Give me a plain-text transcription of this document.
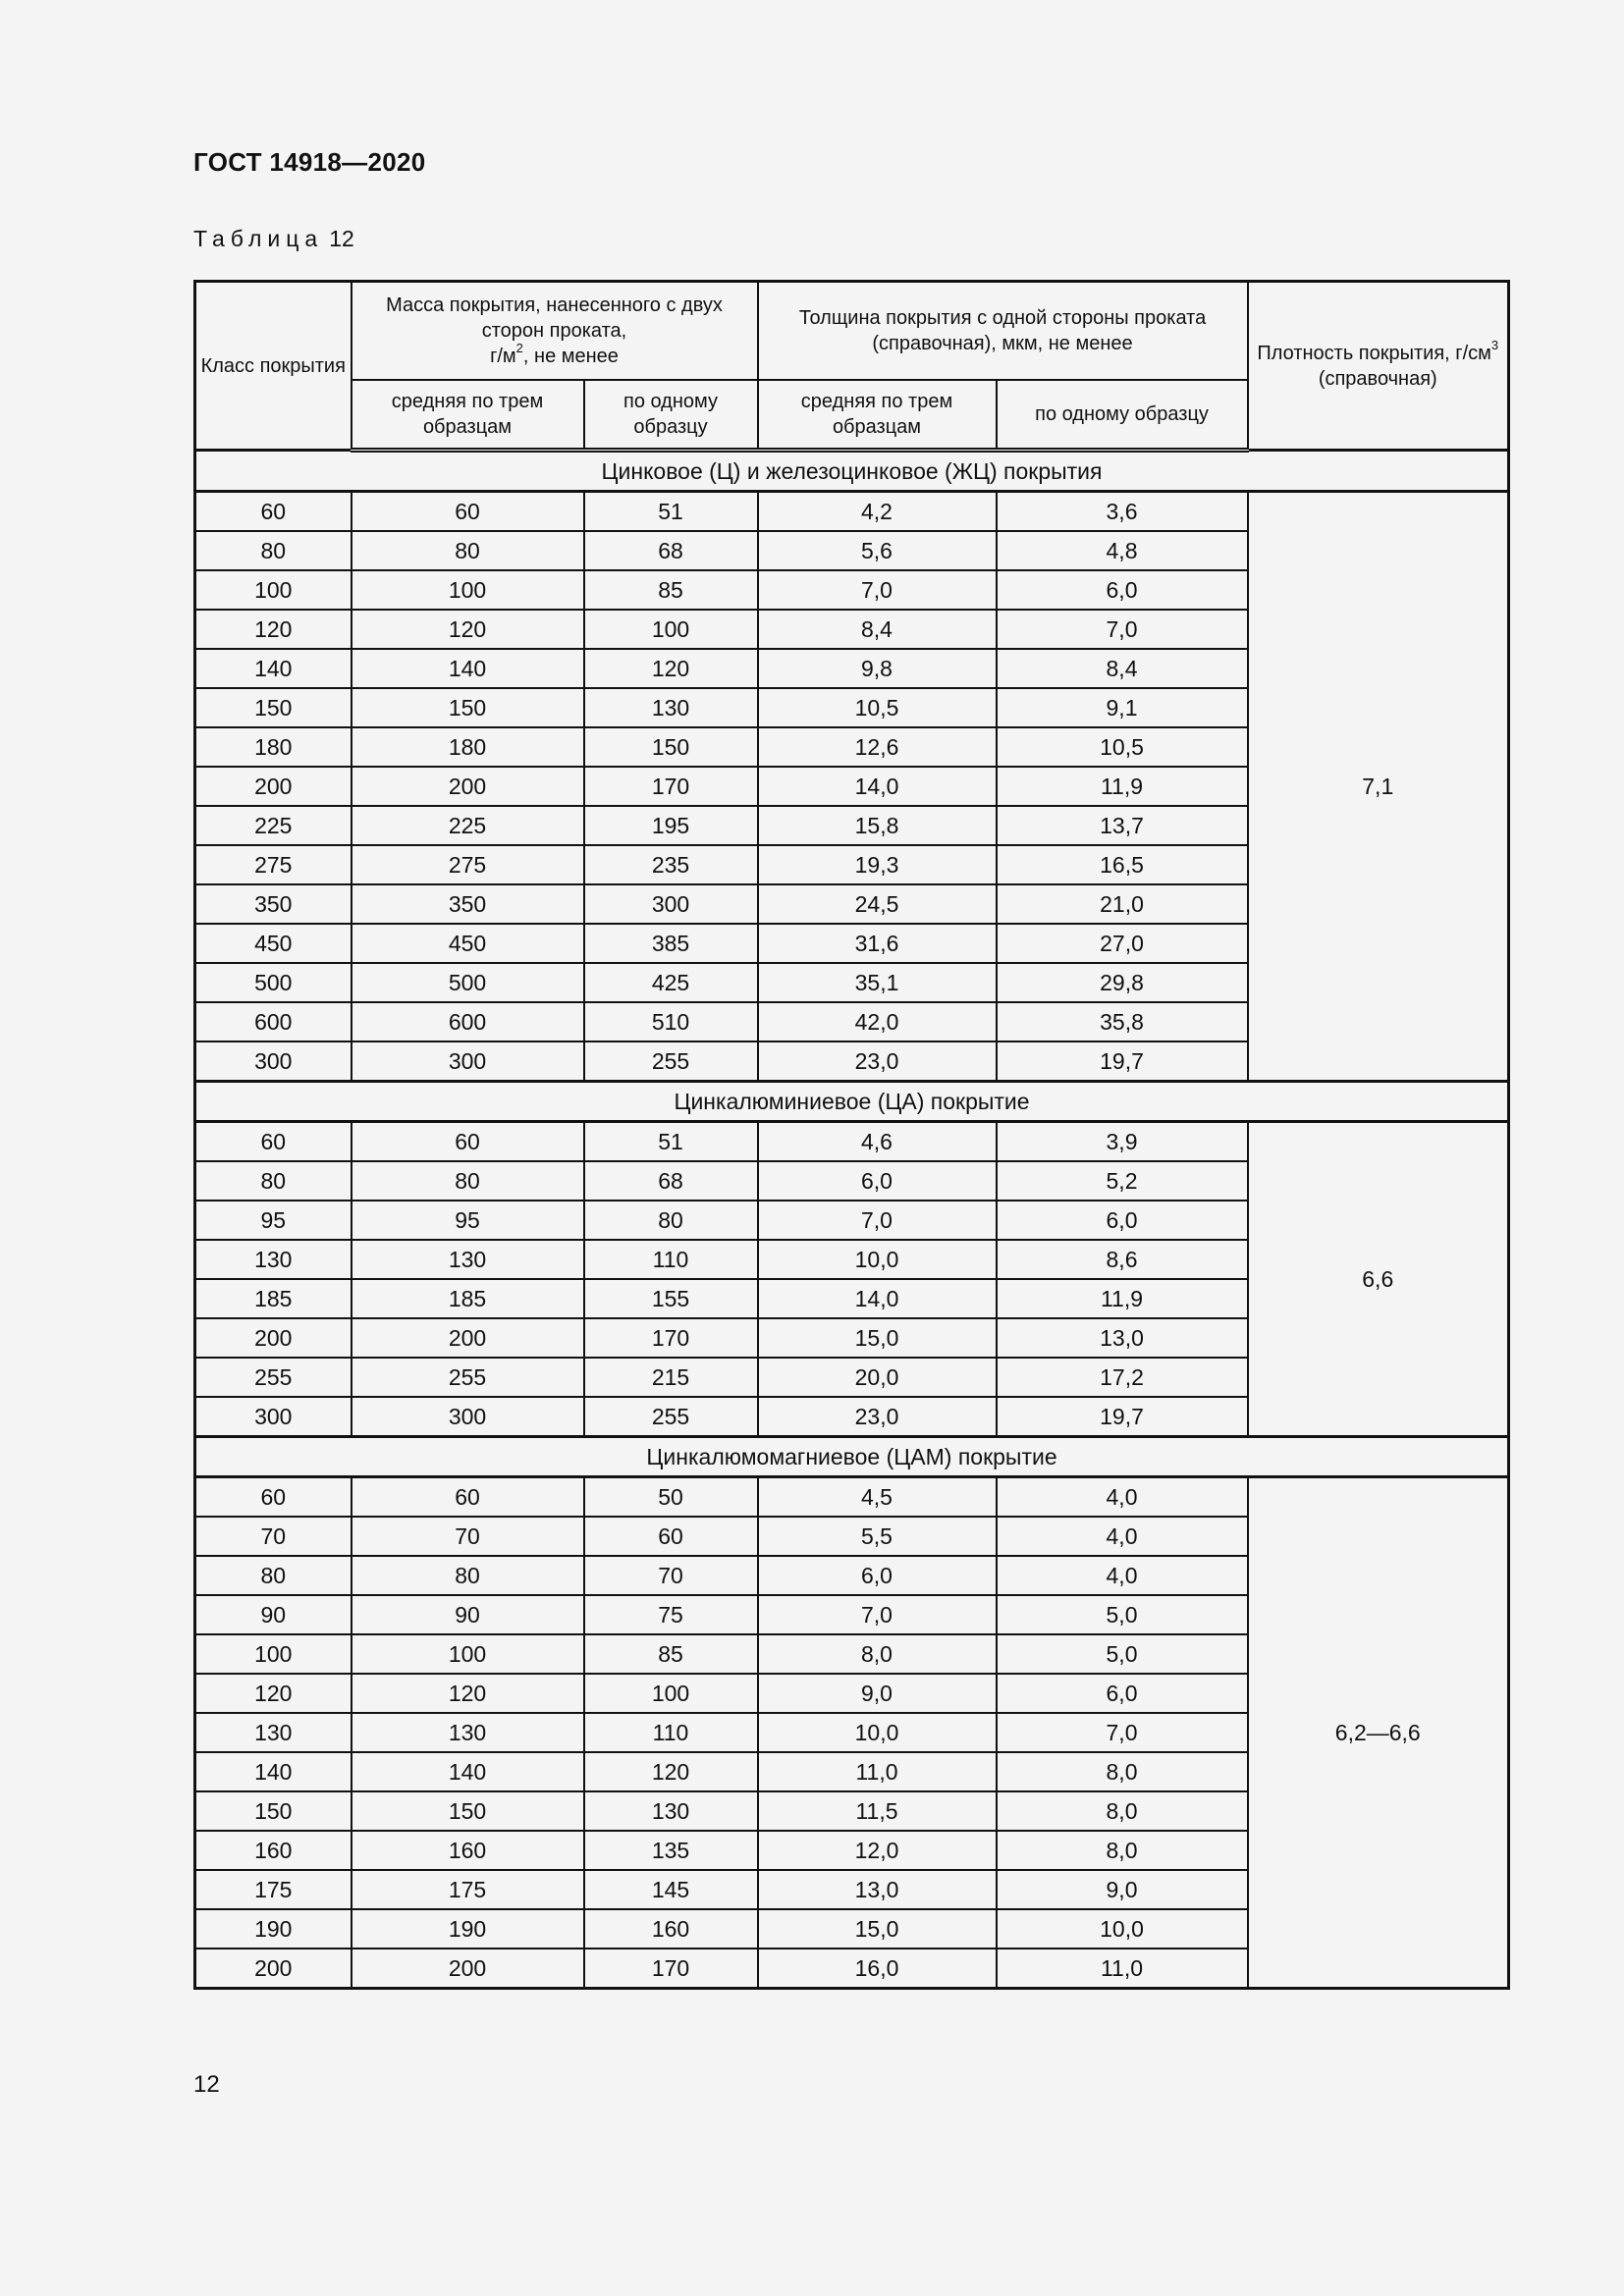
ГОСТ 14918—2020
Таблица 12
Класс покрытия	Масса покрытия, нанесенного с двух сторон проката,
$г/м^2$, не менее		Толщина покрытия с одной стороны проката (справочная), мкм, не менее		Плотность покрытия, $г/см^3$
(справочная)
	средняя по трем образцам	по одному образцу	средняя по трем образцам	по одному образцу	
Цинковое (Ц) и железоцинковое (ЖЦ) покрытия					
60	60	51	4,2	3,6	7,1
80	80	68	5,6	4,8	
100	100	85	7,0	6,0	
120	120	100	8,4	7,0	
140	140	120	9,8	8,4	
150	150	130	10,5	9,1	
180	180	150	12,6	10,5	
200	200	170	14,0	11,9	
225	225	195	15,8	13,7	
275	275	235	19,3	16,5	
350	350	300	24,5	21,0	
450	450	385	31,6	27,0	
500	500	425	35,1	29,8	
600	600	510	42,0	35,8	
300	300	255	23,0	19,7	
Цинкалюминиевое (ЦА) покрытие					
60	60	51	4,6	3,9	6,6
80	80	68	6,0	5,2	
95	95	80	7,0	6,0	
130	130	110	10,0	8,6	
185	185	155	14,0	11,9	
200	200	170	15,0	13,0	
255	255	215	20,0	17,2	
300	300	255	23,0	19,7	
Цинкалюмомагниевое (ЦАМ) покрытие					
60	60	50	4,5	4,0	6,2—6,6
70	70	60	5,5	4,0	
80	80	70	6,0	4,0	
90	90	75	7,0	5,0	
100	100	85	8,0	5,0	
120	120	100	9,0	6,0	
130	130	110	10,0	7,0	
140	140	120	11,0	8,0	
150	150	130	11,5	8,0	
160	160	135	12,0	8,0	
175	175	145	13,0	9,0	
190	190	160	15,0	10,0	
200	200	170	16,0	11,0	
12
